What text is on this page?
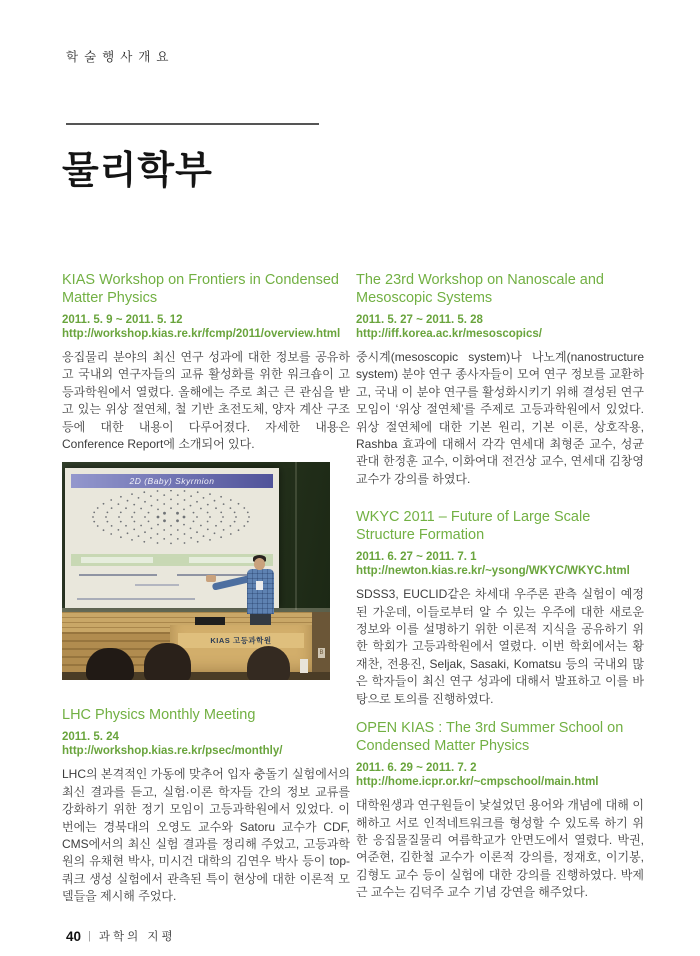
학술행사개요
물리학부
KIAS Workshop on Frontiers in Condensed Matter Physics
2011. 5. 9 ~ 2011. 5. 12
http://workshop.kias.re.kr/fcmp/2011/overview.html

응집물리 분야의 최신 연구 성과에 대한 정보를 공유하고 국내외 연구자들의 교류 활성화를 위한 워크숍이 고등과학원에서 열렸다. 올해에는 주로 최근 큰 관심을 받고 있는 위상 절연체, 철 기반 초전도체, 양자 계산 구조 등에 대한 내용이 다루어졌다. 자세한 내용은 Conference Report에 소개되어 있다.

2D (Baby) Skyrmion
KIAS 고등과학원
B
LHC Physics Monthly Meeting
2011. 5. 24
http://workshop.kias.re.kr/psec/monthly/

LHC의 본격적인 가동에 맞추어 입자 충돌기 실험에서의 최신 결과를 듣고, 실험·이론 학자들 간의 정보 교류를 강화하기 위한 정기 모임이 고등과학원에서 있었다. 이번에는 경북대의 오영도 교수와 Satoru 교수가 CDF, CMS에서의 최신 실험 결과를 정리해 주었고, 고등과학원의 유채현 박사, 미시건 대학의 김연우 박사 등이 top-쿼크 생성 실험에서 관측된 특이 현상에 대한 이론적 모델들을 제시해 주었다.

The 23rd Workshop on Nanoscale and Mesoscopic Systems
2011. 5. 27 ~ 2011. 5. 28
http://iff.korea.ac.kr/mesoscopics/

중시계(mesoscopic system)나 나노계(nanostructure system) 분야 연구 종사자들이 모여 연구 정보를 교환하고, 국내 이 분야 연구를 활성화시키기 위해 결성된 연구모임이 ‘위상 절연체’를 주제로 고등과학원에서 있었다. 위상 절연체에 대한 기본 원리, 기본 이론, 상호작용, Rashba 효과에 대해서 각각 연세대 최형준 교수, 성균관대 한정훈 교수, 이화여대 전건상 교수, 연세대 김창영 교수가 강의를 하였다.

WKYC 2011 – Future of Large Scale Structure Formation
2011. 6. 27 ~ 2011. 7. 1
http://newton.kias.re.kr/~ysong/WKYC/WKYC.html

SDSS3, EUCLID같은 차세대 우주론 관측 실험이 예정된 가운데, 이들로부터 알 수 있는 우주에 대한 새로운 정보와 이를 설명하기 위한 이론적 지식을 공유하기 위한 학회가 고등과학원에서 열렸다. 이번 학회에서는 황재찬, 전용진, Seljak, Sasaki, Komatsu 등의 국내외 많은 학자들이 최신 연구 성과에 대해서 발표하고 이를 바탕으로 토의를 진행하였다.

OPEN KIAS : The 3rd Summer School on Condensed Matter Physics
2011. 6. 29 ~ 2011. 7. 2
http://home.icpr.or.kr/~cmpschool/main.html

대학원생과 연구원들이 낯설었던 용어와 개념에 대해 이해하고 서로 인적네트워크를 형성할 수 있도록 하기 위한 응집물질물리 여름학교가 안면도에서 열렸다. 박권, 여준현, 김한철 교수가 이론적 강의를, 정재호, 이기봉, 김형도 교수 등이 실험에 대한 강의를 진행하였다. 박제근 교수는 김덕주 교수 기념 강연을 해주었다.

40 | 과학의 지평
